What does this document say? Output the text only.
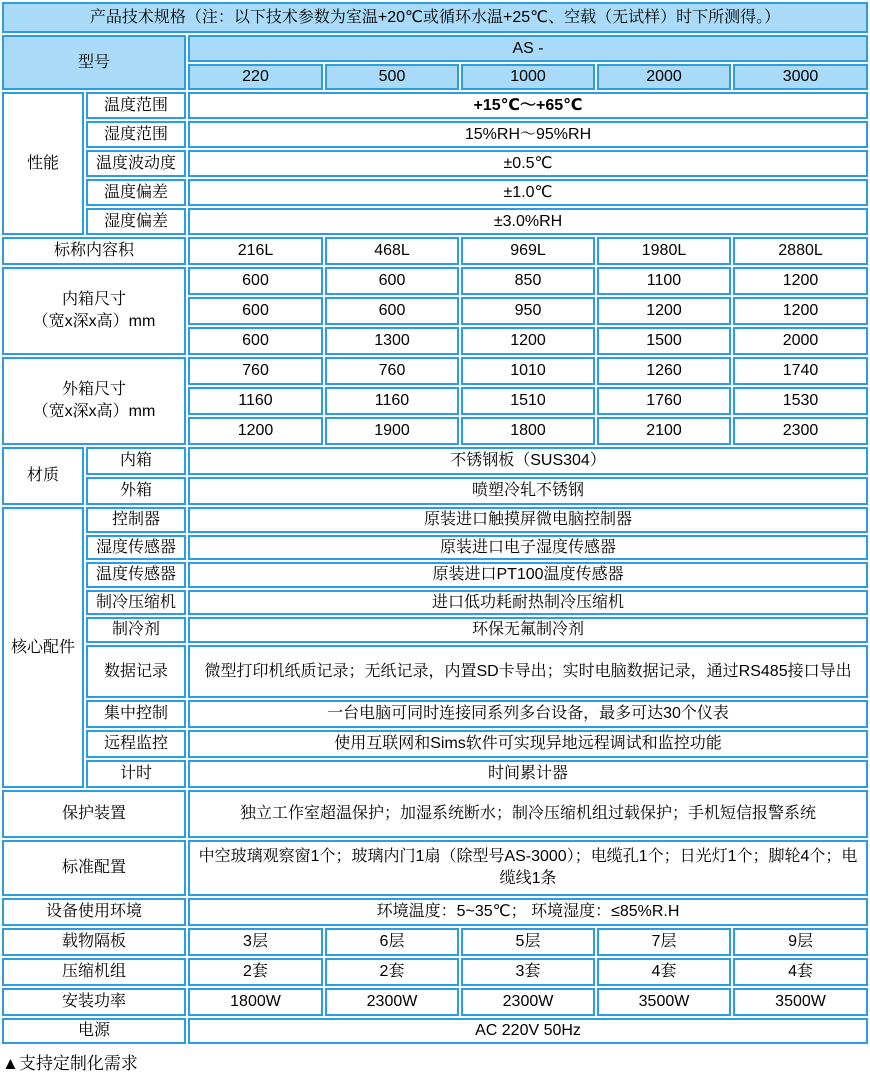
产品技术规格（注：以下技术参数为室温+20℃或循环水温+25℃、空载（无试样）时下所测得。）						
型号		AS -				
		220	500	1000	2000	3000
性能	温度范围	+15℃～+65℃				
	湿度范围	15%RH～95%RH				
	温度波动度	±0.5℃				
	温度偏差	±1.0℃				
	湿度偏差	±3.0%RH				
标称内容积		216L	468L	969L	1980L	2880L

内箱尺寸
（宽x深x高）mm		600	600	850	1100	1200
		600	600	950	1200	1200
		600	1300	1200	1500	2000

外箱尺寸
（宽x深x高）mm		760	760	1010	1260	1740
		1160	1160	1510	1760	1530
		1200	1900	1800	2100	2300
材质	内箱	不锈钢板（SUS304）				
	外箱	喷塑冷轧不锈钢				
核心配件	控制器	原装进口触摸屏微电脑控制器				
	湿度传感器	原装进口电子湿度传感器				
	温度传感器	原装进口PT100温度传感器				
	制冷压缩机	进口低功耗耐热制冷压缩机				
	制冷剂	环保无氟制冷剂				
	数据记录	微型打印机纸质记录；无纸记录，内置SD卡导出；实时电脑数据记录，通过RS485接口导出				
	集中控制	一台电脑可同时连接同系列多台设备，最多可达30个仪表				
	远程监控	使用互联网和Sims软件可实现异地远程调试和监控功能				
	计时	时间累计器				
保护装置		独立工作室超温保护；加湿系统断水；制冷压缩机组过载保护；手机短信报警系统				
标准配置		中空玻璃观察窗1个；玻璃内门1扇（除型号AS-3000）；电缆孔1个；日光灯1个；脚轮4个；电缆线1条				
设备使用环境		环境温度：5~35℃； 环境湿度：≤85%R.H				
载物隔板		3层	6层	5层	7层	9层
压缩机组		2套	2套	3套	4套	4套
安装功率		1800W	2300W	2300W	3500W	3500W
电源		AC 220V 50Hz				
▲支持定制化需求
